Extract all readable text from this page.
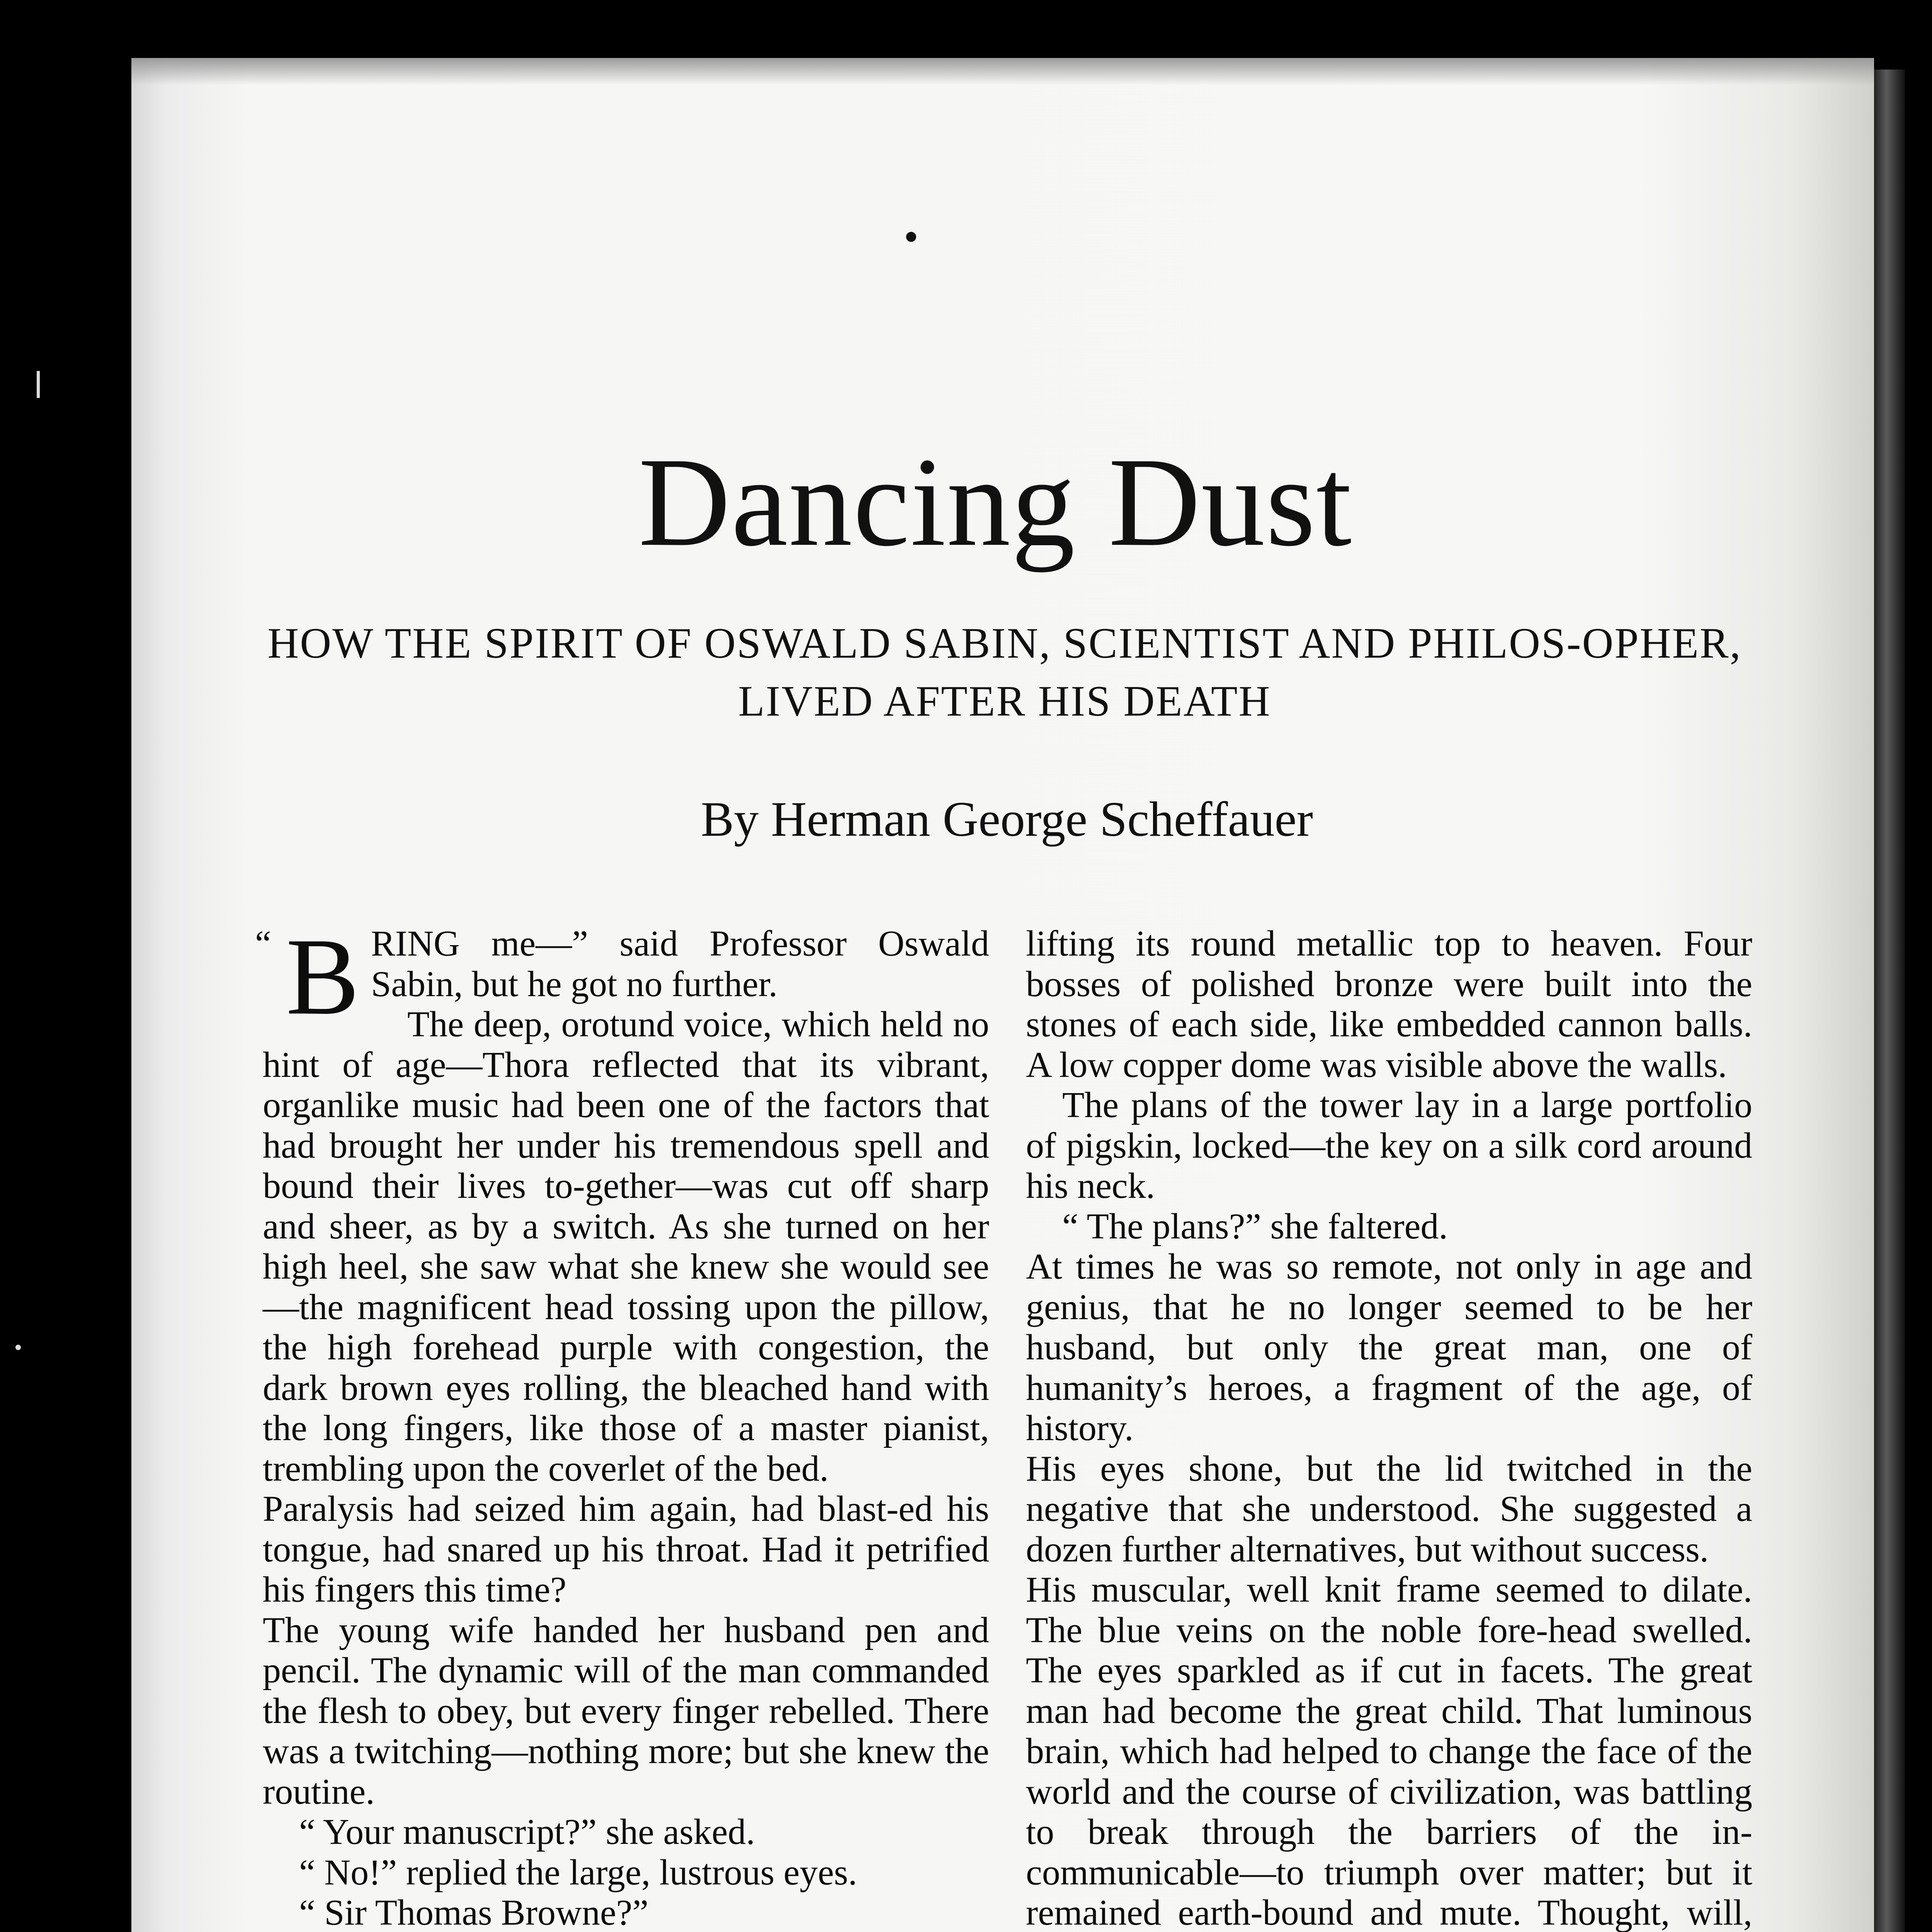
Dancing Dust
HOW THE SPIRIT OF OSWALD SABIN, SCIENTIST AND PHILOS-OPHER, LIVED AFTER HIS DEATH
By Herman George Scheffauer
“ B RING me—” said Professor Oswald Sabin, but he got no further.

The deep, orotund voice, which held no hint of age—Thora reflected that its vibrant, organlike music had been one of the factors that had brought her under his tremendous spell and bound their lives to-gether—was cut off sharp and sheer, as by a switch. As she turned on her high heel, she saw what she knew she would see—the magnificent head tossing upon the pillow, the high forehead purple with congestion, the dark brown eyes rolling, the bleached hand with the long fingers, like those of a master pianist, trembling upon the coverlet of the bed.

Paralysis had seized him again, had blast-ed his tongue, had snared up his throat. Had it petrified his fingers this time?

The young wife handed her husband pen and pencil. The dynamic will of the man commanded the flesh to obey, but every finger rebelled. There was a twitching—nothing more; but she knew the routine.

“ Your manuscript?” she asked.

“ No!” replied the large, lustrous eyes.

“ Sir Thomas Browne?”

lifting its round metallic top to heaven. Four bosses of polished bronze were built into the stones of each side, like embedded cannon balls. A low copper dome was visible above the walls.

The plans of the tower lay in a large portfolio of pigskin, locked—the key on a silk cord around his neck.

“ The plans?” she faltered.

At times he was so remote, not only in age and genius, that he no longer seemed to be her husband, but only the great man, one of humanity’s heroes, a fragment of the age, of history.

His eyes shone, but the lid twitched in the negative that she understood. She suggested a dozen further alternatives, but without success.

His muscular, well knit frame seemed to dilate. The blue veins on the noble fore-head swelled. The eyes sparkled as if cut in facets. The great man had become the great child. That luminous brain, which had helped to change the face of the world and the course of civilization, was battling to break through the barriers of the in-communicable—to triumph over matter; but it remained earth-bound and mute. Thought, will,
